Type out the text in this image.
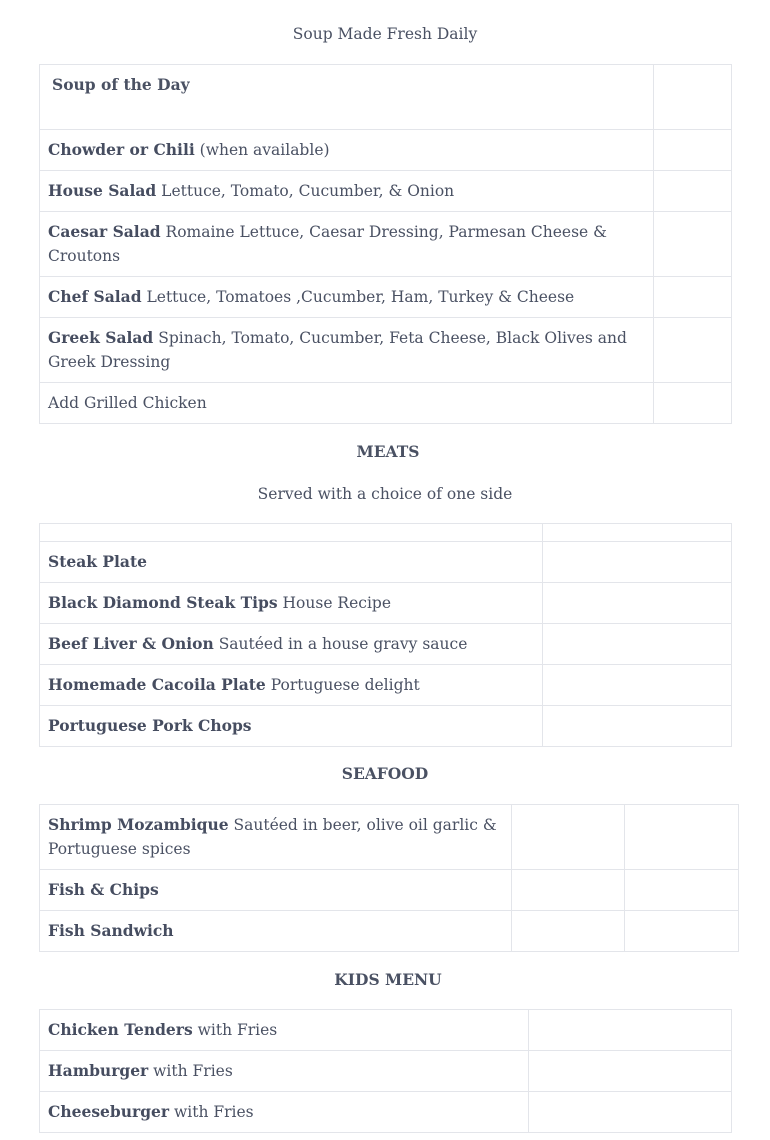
Soup Made Fresh Daily
Soup of the Day	

Chowder or Chili (when available)	
House Salad Lettuce, Tomato, Cucumber, & Onion	
Caesar Salad Romaine Lettuce, Caesar Dressing, Parmesan Cheese & Croutons	
Chef Salad Lettuce, Tomatoes ,Cucumber, Ham, Turkey & Cheese	
Greek Salad Spinach, Tomato, Cucumber, Feta Cheese, Black Olives and Greek Dressing	
Add Grilled Chicken	
MEATS
Served with a choice of one side

Steak Plate	
Black Diamond Steak Tips House Recipe	
Beef Liver & Onion Sautéed in a house gravy sauce	
Homemade Cacoila Plate Portuguese delight	
Portuguese Pork Chops	
SEAFOOD
Shrimp Mozambique Sautéed in beer, olive oil garlic & Portuguese spices		
Fish & Chips		
Fish Sandwich		
KIDS MENU
Chicken Tenders with Fries	
Hamburger with Fries	
Cheeseburger with Fries	
